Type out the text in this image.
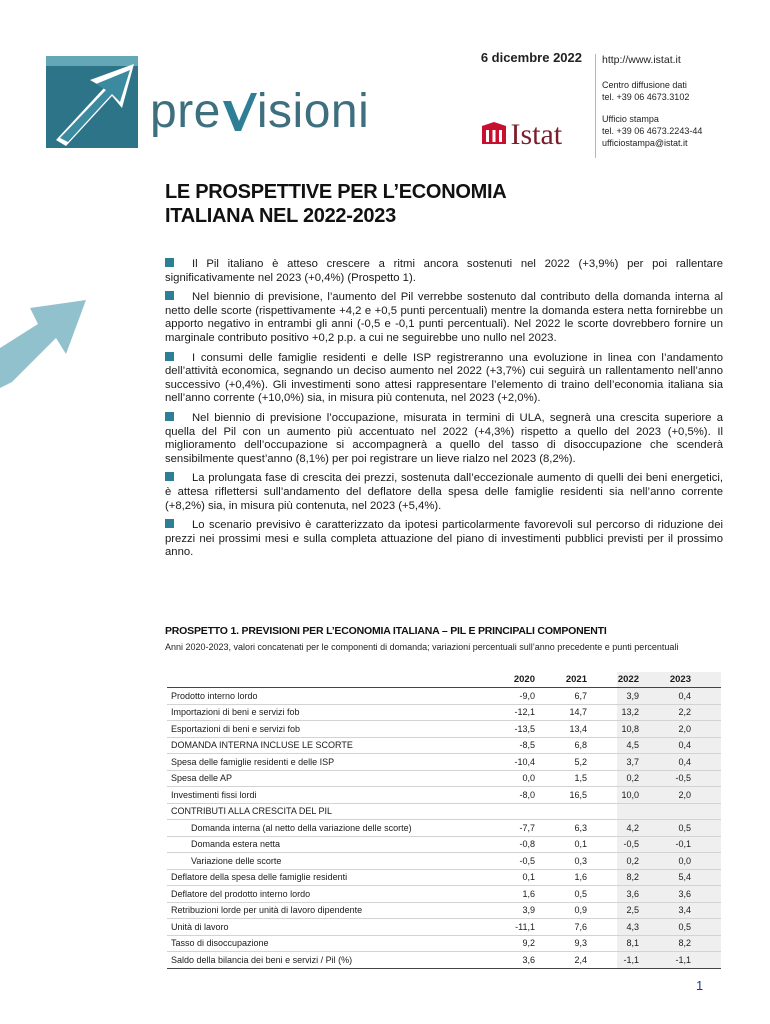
pre isioni
6 dicembre 2022
Istat
http://www.istat.it
Centro diffusione dati
tel. +39 06 4673.3102
Ufficio stampa
tel. +39 06 4673.2243-44
ufficiostampa@istat.it
LE PROSPETTIVE PER L’ECONOMIA
ITALIANA NEL 2022-2023

Il Pil italiano è atteso crescere a ritmi ancora sostenuti nel 2022 (+3,9%) per poi rallentare significativamente nel 2023 (+0,4%) (Prospetto 1).

Nel biennio di previsione, l’aumento del Pil verrebbe sostenuto dal contributo della domanda interna al netto delle scorte (rispettivamente +4,2 e +0,5 punti percentuali) mentre la domanda estera netta fornirebbe un apporto negativo in entrambi gli anni (-0,5 e -0,1 punti percentuali). Nel 2022 le scorte dovrebbero fornire un marginale contributo positivo +0,2 p.p. a cui ne seguirebbe uno nullo nel 2023.

I consumi delle famiglie residenti e delle ISP registreranno una evoluzione in linea con l’andamento dell’attività economica, segnando un deciso aumento nel 2022 (+3,7%) cui seguirà un rallentamento nell’anno successivo (+0,4%). Gli investimenti sono attesi rappresentare l’elemento di traino dell’economia italiana sia nell’anno corrente (+10,0%) sia, in misura più contenuta, nel 2023 (+2,0%).

Nel biennio di previsione l’occupazione, misurata in termini di ULA, segnerà una crescita superiore a quella del Pil con un aumento più accentuato nel 2022 (+4,3%) rispetto a quello del 2023 (+0,5%). Il miglioramento dell’occupazione si accompagnerà a quello del tasso di disoccupazione che scenderà sensibilmente quest’anno (8,1%) per poi registrare un lieve rialzo nel 2023 (8,2%).

La prolungata fase di crescita dei prezzi, sostenuta dall’eccezionale aumento di quelli dei beni energetici, è attesa riflettersi sull’andamento del deflatore della spesa delle famiglie residenti sia nell’anno corrente (+8,2%) sia, in misura più contenuta, nel 2023 (+5,4%).

Lo scenario previsivo è caratterizzato da ipotesi particolarmente favorevoli sul percorso di riduzione dei prezzi nei prossimi mesi e sulla completa attuazione del piano di investimenti pubblici previsti per il prossimo anno.

PROSPETTO 1. PREVISIONI PER L’ECONOMIA ITALIANA – PIL E PRINCIPALI COMPONENTI
Anni 2020-2023, valori concatenati per le componenti di domanda; variazioni percentuali sull’anno precedente e punti percentuali
	2020	2021	2022	2023
Prodotto interno lordo	-9,0	6,7	3,9	0,4
Importazioni di beni e servizi fob	-12,1	14,7	13,2	2,2
Esportazioni di beni e servizi fob	-13,5	13,4	10,8	2,0
DOMANDA INTERNA INCLUSE LE SCORTE	-8,5	6,8	4,5	0,4
Spesa delle famiglie residenti e delle ISP	-10,4	5,2	3,7	0,4
Spesa delle AP	0,0	1,5	0,2	-0,5
Investimenti fissi lordi	-8,0	16,5	10,0	2,0
CONTRIBUTI ALLA CRESCITA DEL PIL				
Domanda interna (al netto della variazione delle scorte)	-7,7	6,3	4,2	0,5
Domanda estera netta	-0,8	0,1	-0,5	-0,1
Variazione delle scorte	-0,5	0,3	0,2	0,0
Deflatore della spesa delle famiglie residenti	0,1	1,6	8,2	5,4
Deflatore del prodotto interno lordo	1,6	0,5	3,6	3,6
Retribuzioni lorde per unità di lavoro dipendente	3,9	0,9	2,5	3,4
Unità di lavoro	-11,1	7,6	4,3	0,5
Tasso di disoccupazione	9,2	9,3	8,1	8,2
Saldo della bilancia dei beni e servizi / Pil (%)	3,6	2,4	-1,1	-1,1
1
